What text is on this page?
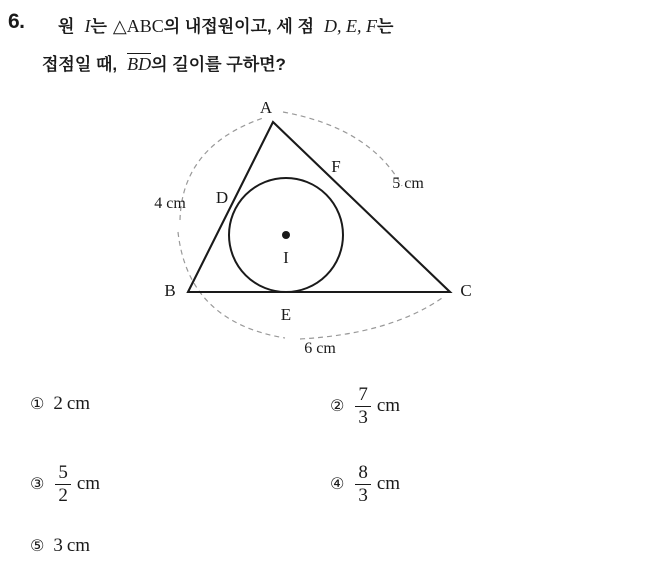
6. 원 I는 △ABC의 내접원이고, 세 점 D, E, F는
접점일 때, BD의 길이를 구하면?
A
B	C
D
E
F
I
4 cm
5 cm
6 cm
① 2 cm	② $\frac{7}{3}$ cm
③ $\frac{5}{2}$ cm	④ $\frac{8}{3}$ cm
⑤ 3 cm
